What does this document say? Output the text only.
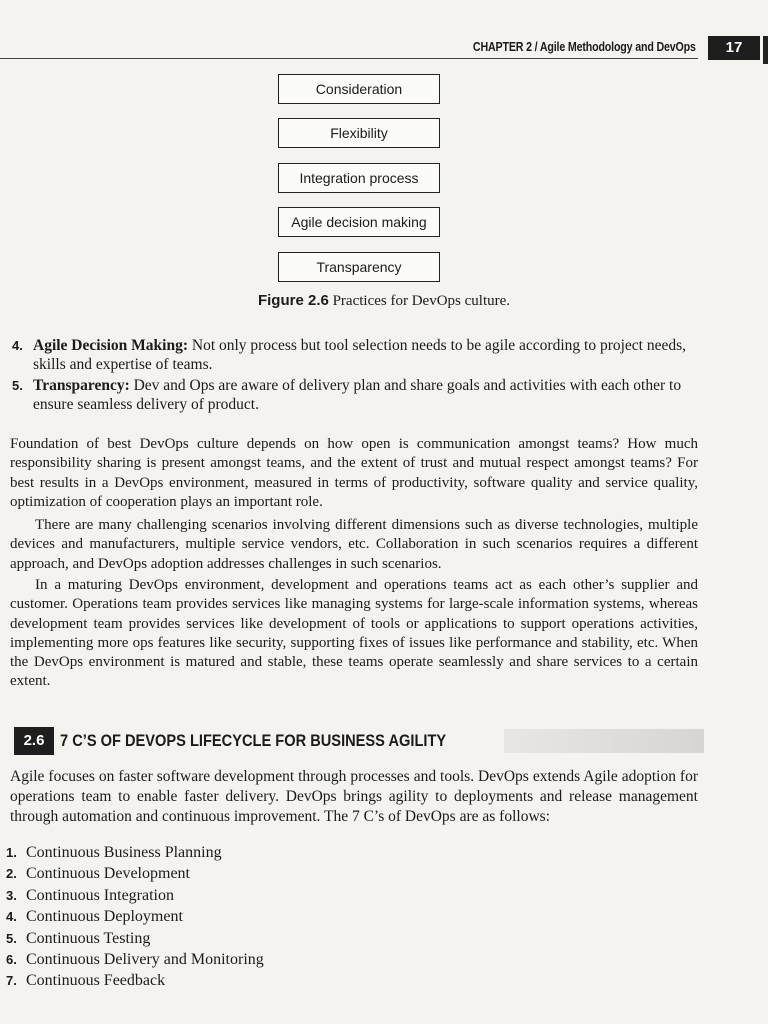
CHAPTER 2 / Agile Methodology and DevOps	17
Consideration
Flexibility
Integration process
Agile decision making
Transparency
Figure 2.6 Practices for DevOps culture.
4. Agile Decision Making: Not only process but tool selection needs to be agile according to project needs, skills and expertise of teams.
5. Transparency: Dev and Ops are aware of delivery plan and share goals and activities with each other to ensure seamless delivery of product.
Foundation of best DevOps culture depends on how open is communication amongst teams? How much responsibility sharing is present amongst teams, and the extent of trust and mutual respect amongst teams? For best results in a DevOps environment, measured in terms of productivity, software quality and service quality, optimization of cooperation plays an important role.
There are many challenging scenarios involving different dimensions such as diverse technologies, multiple devices and manufacturers, multiple service vendors, etc. Collaboration in such scenarios requires a different approach, and DevOps adoption addresses challenges in such scenarios.
In a maturing DevOps environment, development and operations teams act as each other’s supplier and customer. Operations team provides services like managing systems for large-scale information systems, whereas development team provides services like development of tools or applications to support operations activities, implementing more ops features like security, supporting fixes of issues like performance and stability, etc. When the DevOps environment is matured and stable, these teams operate seamlessly and share services to a certain extent.
2.6 7 C’S OF DEVOPS LIFECYCLE FOR BUSINESS AGILITY
Agile focuses on faster software development through processes and tools. DevOps extends Agile adoption for operations team to enable faster delivery. DevOps brings agility to deployments and release management through automation and continuous improvement. The 7 C’s of DevOps are as follows:
1. Continuous Business Planning
2. Continuous Development
3. Continuous Integration
4. Continuous Deployment
5. Continuous Testing
6. Continuous Delivery and Monitoring
7. Continuous Feedback
